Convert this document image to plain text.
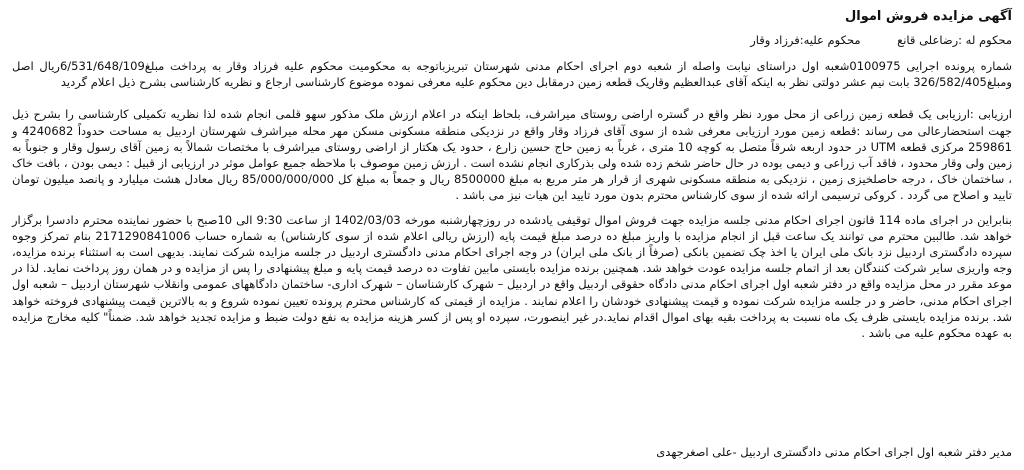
آگهی مزایده فروش اموال
محکوم له :رضاعلی قانع          محکوم علیه:فرزاد وقار

شماره پرونده اجرایی 0100975شعبه اول دراستای نیابت واصله از شعبه دوم اجرای احکام مدنی شهرستان تبریزباتوجه به محکومیت محکوم علیه فرزاد وقار به پرداخت مبلغ6/531/648/109ریال اصل ومبلغ326/582/405 بابت نیم عشر دولتی نظر به اینکه آقای عبدالعظیم وقاریک قطعه زمین درمقابل دین محکوم علیه معرفی نموده موضوع کارشناسی ارجاع و نظریه کارشناسی بشرح ذیل اعلام گردید

ارزیابی :ارزیابی یک قطعه زمین زراعی از محل مورد نظر واقع در گستره اراضی روستای میراشرف، بلحاظ اینکه در اعلام ارزش ملک مذکور سهو قلمی انجام شده لذا نظریه تکمیلی کارشناسی را بشرح ذیل جهت استحضارعالی می رساند :قطعه زمین مورد ارزیابی معرفی شده از سوی آقای فرزاد وقار واقع در نزدیکی منطقه مسکونی مسکن مهر محله میراشرف شهرستان اردبیل به مساحت حدوداً 4240682 و 259861 مرکزی قطعه UTM در حدود اربعه شرقاً متصل به کوچه 10 متری ، غرباً به زمین حاج حسین زارع ، حدود یک هکتار از اراضی روستای میراشرف با مختصات شمالاً به زمین آقای رسول وقار و جنوباً به زمین ولی وقار محدود ، فاقد آب زراعی و دیمی بوده در حال حاضر شخم زده شده ولی بذرکاری انجام نشده است . ارزش زمین موصوف با ملاحظه جمیع عوامل موثر در ارزیابی از قبیل : دیمی بودن ، بافت خاک ، ساختمان خاک ، درجه حاصلخیزی زمین ، نزدیکی به منطقه مسکونی شهری از قرار هر متر مربع به مبلغ 8500000 ریال و جمعاً به مبلغ کل 85/000/000/000 ریال معادل هشت میلیارد و پانصد میلیون تومان تایید و اصلاح می گردد . کروکی ترسیمی ارائه شده از سوی کارشناس محترم بدون مورد تایید این هیات نیز می باشد .

بنابراین در اجرای ماده 114 قانون اجرای احکام مدنی جلسه مزایده جهت فروش اموال توقیفی یادشده در روزچهارشنبه مورخه 1402/03/03 از ساعت 9:30 الی 10صبح با حضور نماینده محترم دادسرا برگزار خواهد شد. طالبین محترم می توانند یک ساعت قبل از انجام مزایده با واریز مبلغ ده درصد مبلغ قیمت پایه (ارزش ریالی اعلام شده از سوی کارشناس) به شماره حساب 2171290841006 بنام تمرکز وجوه سپرده دادگستری اردبیل نزد بانک ملی ایران یا اخذ چک تضمین بانکی (صرفاً از بانک ملی ایران) در وجه اجرای احکام مدنی دادگستری اردبیل در جلسه مزایده شرکت نمایند. بدیهی است به استثناء برنده مزایده، وجه واریزی سایر شرکت کنندگان بعد از اتمام جلسه مزایده عودت خواهد شد. همچنین برنده مزایده بایستی مابین تفاوت ده درصد قیمت پایه و مبلغ پیشنهادی را پس از مزایده و در همان روز پرداخت نماید. لذا در موعد مقرر در محل مزایده واقع در دفتر شعبه اول اجرای احکام مدنی دادگاه حقوقی اردبیل واقع در اردبیل – شهرک کارشناسان – شهرک اداری- ساختمان دادگاههای عمومی وانقلاب شهرستان اردبیل – شعبه اول اجرای احکام مدنی، حاضر و در جلسه مزایده شرکت نموده و قیمت پیشنهادی خودشان را اعلام نمایند . مزایده از قیمتی که کارشناس محترم پرونده تعیین نموده شروع و به بالاترین قیمت پیشنهادی فروخته خواهد شد. برنده مزایده بایستی ظرف یک ماه نسبت به پرداخت بقیه بهای اموال اقدام نماید.در غیر اینصورت، سپرده او پس از کسر هزینه مزایده به نفع دولت ضبط و مزایده تجدید خواهد شد. ضمناً" کلیه مخارج مزایده به عهده محکوم علیه می باشد .

مدیر دفتر شعبه اول اجرای احکام مدنی دادگستری اردبیل -علی اصغرجهدی
